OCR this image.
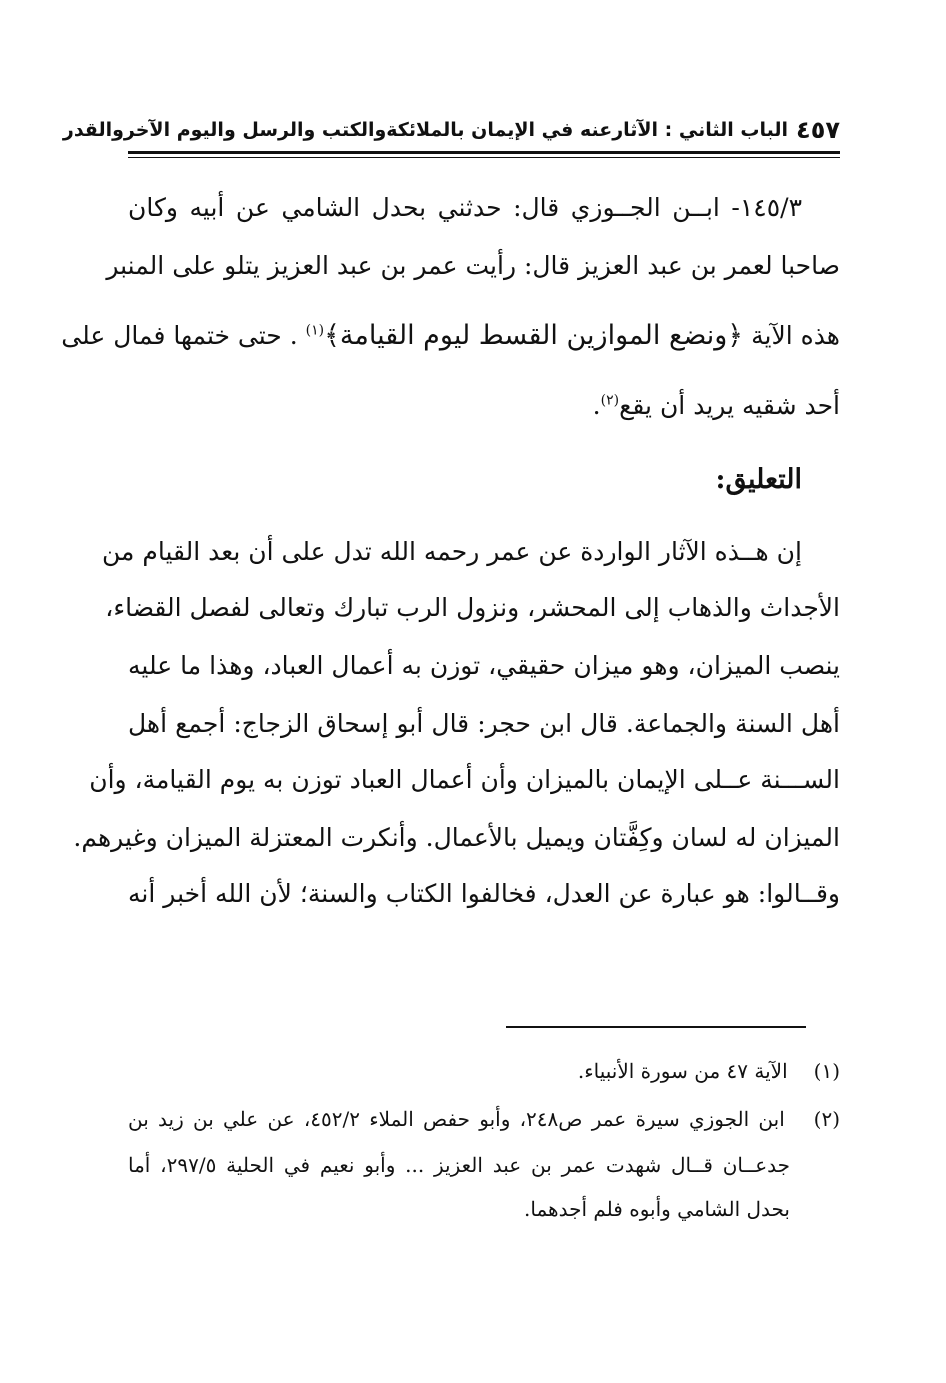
٤٥٧
الباب الثاني : الآثارعنه في الإيمان بالملائكةوالكتب والرسل واليوم الآخروالقدر
١٤٥/٣- ابــن الجــوزي قال: حدثني بحدل الشامي عن أبيه وكان
صاحبا لعمر بن عبد العزيز قال: رأيت عمر بن عبد العزيز يتلو على المنبر
هذه الآية ﴿ونضع الموازين القسط ليوم القيامة﴾$^{(١)}$ . حتى ختمها فمال على
أحد شقيه يريد أن يقع$^{(٢)}$.
التعليق:
إن هــذه الآثار الواردة عن عمر رحمه الله تدل على أن بعد القيام من
الأجداث والذهاب إلى المحشر، ونزول الرب تبارك وتعالى لفصل القضاء،
ينصب الميزان، وهو ميزان حقيقي، توزن به أعمال العباد، وهذا ما عليه
أهل السنة والجماعة. قال ابن حجر: قال أبو إسحاق الزجاج: أجمع أهل
الســـنة عــلى الإيمان بالميزان وأن أعمال العباد توزن به يوم القيامة، وأن
الميزان له لسان وكِفَّتان ويميل بالأعمال. وأنكرت المعتزلة الميزان وغيرهم.
وقــالوا: هو عبارة عن العدل، فخالفوا الكتاب والسنة؛ لأن الله أخبر أنه
(١) الآية ٤٧ من سورة الأنبياء.
(٢) ابن الجوزي سيرة عمر ص٢٤٨، وأبو حفص الملاء ٤٥٢/٢، عن علي بن زيد بن
جدعــان قــال شهدت عمر بن عبد العزيز ... وأبو نعيم في الحلية ٢٩٧/٥، أما
بحدل الشامي وأبوه فلم أجدهما.
